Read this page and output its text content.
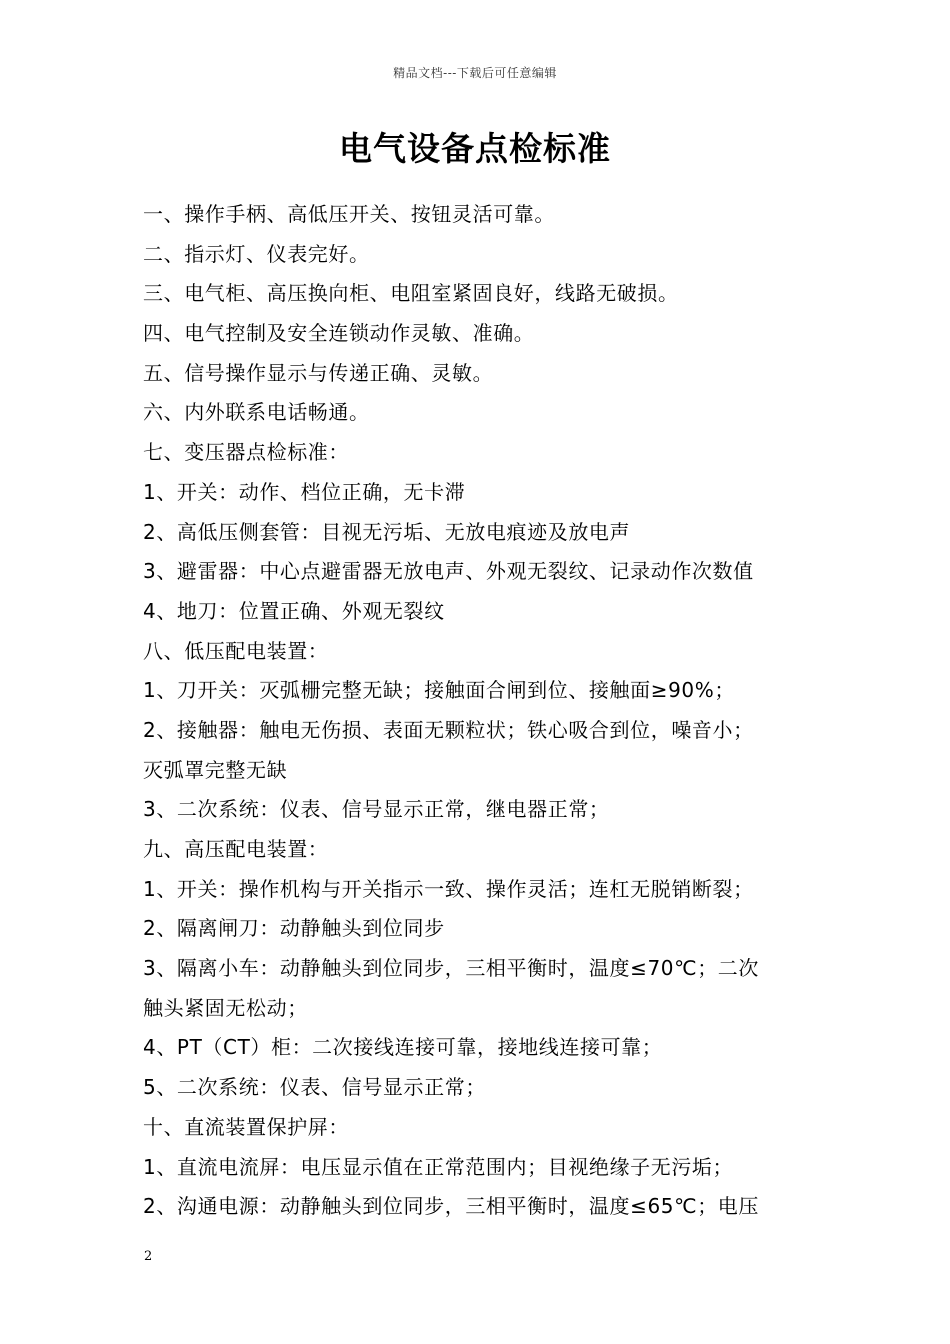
精品文档---下载后可任意编辑
电气设备点检标准
一、操作手柄、高低压开关、按钮灵活可靠。
二、指示灯、仪表完好。
三、电气柜、高压换向柜、电阻室紧固良好，线路无破损。
四、电气控制及安全连锁动作灵敏、准确。
五、信号操作显示与传递正确、灵敏。
六、内外联系电话畅通。
七、变压器点检标准：
1、开关：动作、档位正确，无卡滞
2、高低压侧套管：目视无污垢、无放电痕迹及放电声
3、避雷器：中心点避雷器无放电声、外观无裂纹、记录动作次数值
4、地刀：位置正确、外观无裂纹
八、低压配电装置：
1、刀开关：灭弧栅完整无缺；接触面合闸到位、接触面≥90%；
2、接触器：触电无伤损、表面无颗粒状；铁心吸合到位，噪音小；
灭弧罩完整无缺
3、二次系统：仪表、信号显示正常，继电器正常；
九、高压配电装置：
1、开关：操作机构与开关指示一致、操作灵活；连杠无脱销断裂；
2、隔离闸刀：动静触头到位同步
3、隔离小车：动静触头到位同步，三相平衡时，温度≤70℃；二次
触头紧固无松动；
4、PT（CT）柜：二次接线连接可靠，接地线连接可靠；
5、二次系统：仪表、信号显示正常；
十、直流装置保护屏：
1、直流电流屏：电压显示值在正常范围内；目视绝缘子无污垢；
2、沟通电源：动静触头到位同步，三相平衡时，温度≤65℃；电压
2
